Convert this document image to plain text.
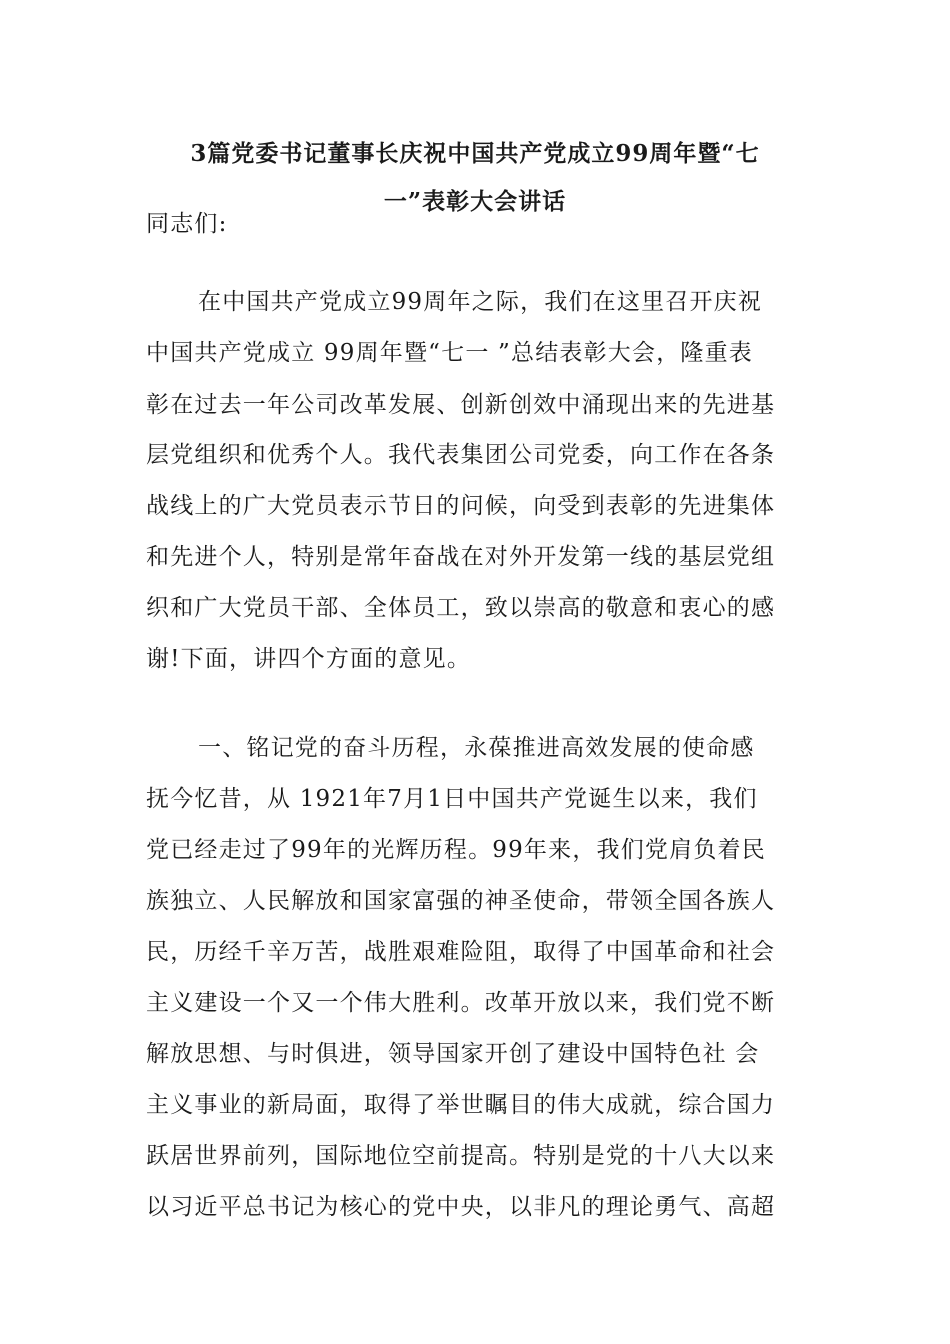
3篇党委书记董事长庆祝中国共产党成立99周年暨“七
一”表彰大会讲话
同志们:
在中国共产党成立99周年之际，我们在这里召开庆祝
中国共产党成立 99周年暨“七一 ”总结表彰大会，隆重表
彰在过去一年公司改革发展、创新创效中涌现出来的先进基
层党组织和优秀个人。我代表集团公司党委，向工作在各条
战线上的广大党员表示节日的问候，向受到表彰的先进集体
和先进个人，特别是常年奋战在对外开发第一线的基层党组
织和广大党员干部、全体员工，致以崇高的敬意和衷心的感
谢!下面，讲四个方面的意见。
一、铭记党的奋斗历程，永葆推进高效发展的使命感
抚今忆昔，从 1921年7月1日中国共产党诞生以来，我们
党已经走过了99年的光辉历程。99年来，我们党肩负着民
族独立、人民解放和国家富强的神圣使命，带领全国各族人
民，历经千辛万苦，战胜艰难险阻，取得了中国革命和社会
主义建设一个又一个伟大胜利。改革开放以来，我们党不断
解放思想、与时俱进，领导国家开创了建设中国特色社 会
主义事业的新局面，取得了举世瞩目的伟大成就，综合国力
跃居世界前列，国际地位空前提高。特别是党的十八大以来
以习近平总书记为核心的党中央，以非凡的理论勇气、高超
